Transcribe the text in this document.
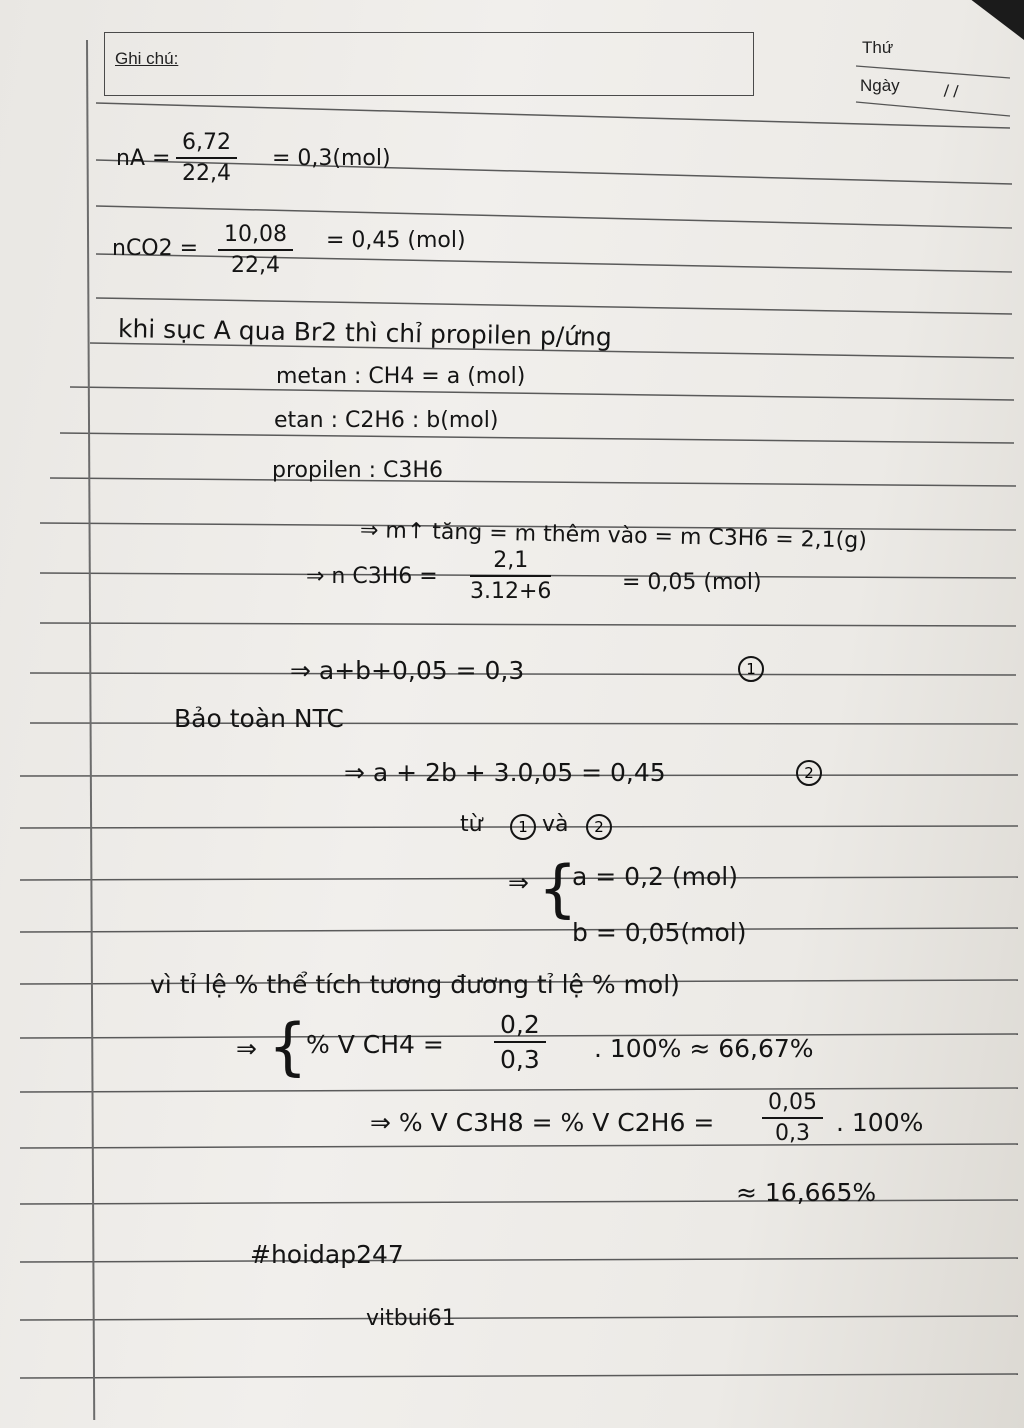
Ghi chú:
Thứ
Ngày	/ /
nA = $\frac{6,72}{22,4} = 0,3(mol)$
$nCO2 = \frac{10,08}{22,4} = 0,45$ (mol)
khi sục A qua Br2 thì chỉ propilen p/ứng
metan : CH4 = a (mol)
etan : C2H6 : b(mol)
propilen : C3H6
⇒ m↑ tăng = m thêm vào = m C3H6 = 2,1(g)
⇒ n $C3H6 = \frac{2,1}{3.12+6}$	= 0,05 (mol)
⇒ a+b+0,05 = 0,3	1
Bảo toàn NTC
⇒ a + 2b + 3.0,05 = 0,45	2
từ	1 và	2
⇒ {
a = 0,2 (mol)
b = 0,05(mol)
vì tỉ lệ % thể tích tương đương tỉ lệ % mol)
⇒ {
% V $CH4 = \frac{0,2}{0,3}$ . 100% ≈ 66,67%
⇒ % V C3H8 = % V $C2H6 = \frac{0,05}{0,3}$ . 100%
≈ 16,665%
#hoidap247
vitbui61
